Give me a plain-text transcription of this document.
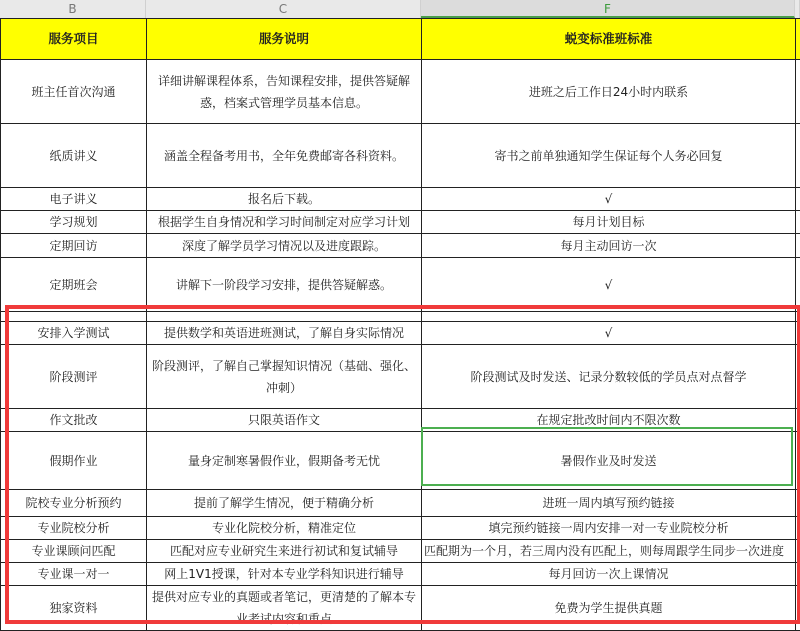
B	C	F
服务项目	服务说明	蜕变标准班标准	
班主任首次沟通	详细讲解课程体系，告知课程安排，提供答疑解惑，档案式管理学员基本信息。	进班之后工作日24小时内联系	
纸质讲义	涵盖全程备考用书，全年免费邮寄各科资料。	寄书之前单独通知学生保证每个人务必回复	
电子讲义	报名后下载。	√	
学习规划	根据学生自身情况和学习时间制定对应学习计划	每月计划目标	
定期回访	深度了解学员学习情况以及进度跟踪。	每月主动回访一次	
定期班会	讲解下一阶段学习安排，提供答疑解惑。	√	

安排入学测试	提供数学和英语进班测试，了解自身实际情况	√	
阶段测评	阶段测评，了解自己掌握知识情况（基础、强化、冲刺）	阶段测试及时发送、记录分数较低的学员点对点督学	
作文批改	只限英语作文	在规定批改时间内不限次数	
假期作业	量身定制寒暑假作业，假期备考无忧	暑假作业及时发送	
院校专业分析预约	提前了解学生情况，便于精确分析	进班一周内填写预约链接	
专业院校分析	专业化院校分析，精准定位	填完预约链接一周内安排一对一专业院校分析	
专业课顾问匹配	匹配对应专业研究生来进行初试和复试辅导	匹配期为一个月，若三周内没有匹配上，则每周跟学生同步一次进度	
专业课一对一	网上1V1授课，针对本专业学科知识进行辅导	每月回访一次上课情况	
独家资料	提供对应专业的真题或者笔记，更清楚的了解本专业考试内容和重点	免费为学生提供真题	
